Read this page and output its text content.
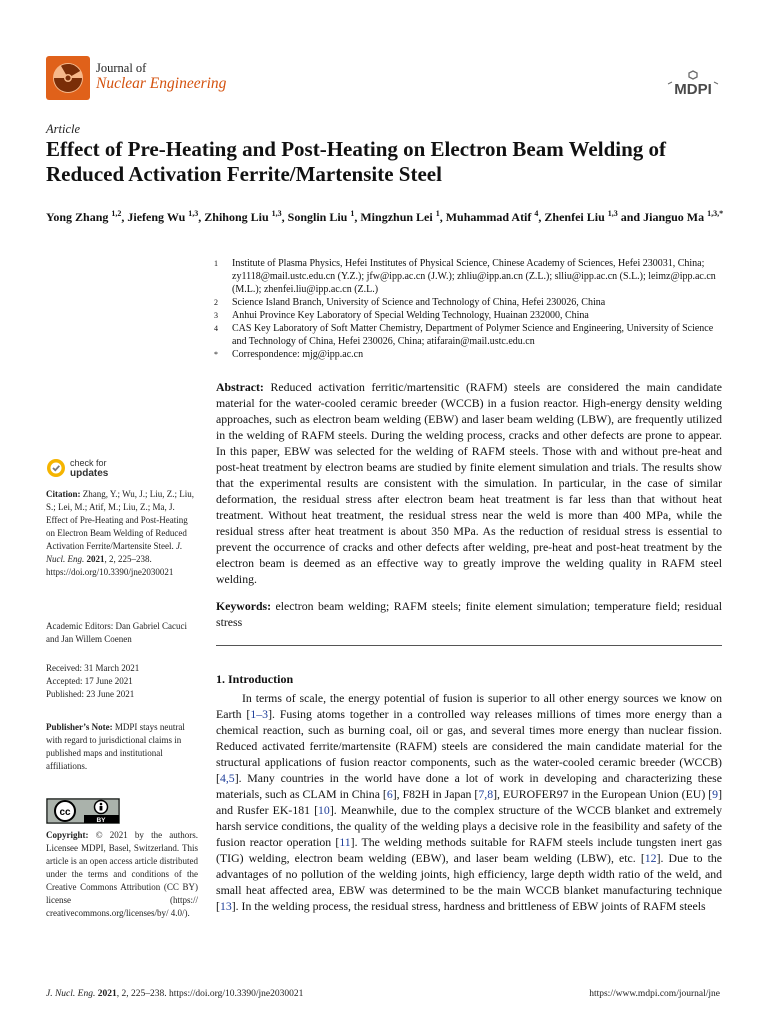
Journal of
Nuclear Engineering	MDPI
Article
Effect of Pre-Heating and Post-Heating on Electron Beam Welding of Reduced Activation Ferrite/Martensite Steel
Yong Zhang $^{1,2}$, Jiefeng Wu $^{1,3}$, Zhihong Liu $^{1,3}$, Songlin Liu $^1$, Mingzhun Lei $^1$, Muhammad Atif $^4$, Zhenfei Liu $^{1,3}$ and Jianguo Ma $^{1,3,*}$
1	Institute of Plasma Physics, Hefei Institutes of Physical Science, Chinese Academy of Sciences, Hefei 230031, China; zy1118@mail.ustc.edu.cn (Y.Z.); jfw@ipp.ac.cn (J.W.); zhliu@ipp.an.cn (Z.L.); slliu@ipp.ac.cn (S.L.); leimz@ipp.ac.cn (M.L.); zhenfei.liu@ipp.ac.cn (Z.L.)
2	Science Island Branch, University of Science and Technology of China, Hefei 230026, China
3	Anhui Province Key Laboratory of Special Welding Technology, Huainan 232000, China
4	CAS Key Laboratory of Soft Matter Chemistry, Department of Polymer Science and Engineering, University of Science and Technology of China, Hefei 230026, China; atifarain@mail.ustc.edu.cn
*	Correspondence: mjg@ipp.ac.cn
Abstract: Reduced activation ferritic/martensitic (RAFM) steels are considered the main candidate material for the water-cooled ceramic breeder (WCCB) in a fusion reactor. High-energy density welding approaches, such as electron beam welding (EBW) and laser beam welding (LBW), are frequently utilized in the welding of RAFM steels. During the welding process, cracks and other defects are prone to appear. In this paper, EBW was selected for the welding of RAFM steels. Those with and without pre-heat and post-heat treatment by electron beams are studied by finite element simulation and trials. The results show that the experimental results are consistent with the simulation. In particular, in the case of similar deformation, the residual stress after electron beam heat treatment is far less than that without heat treatment. Without heat treatment, the residual stress near the weld is more than 400 MPa, while the residual stress after heat treatment is about 350 MPa. As the reduction of residual stress is essential to prevent the occurrence of cracks and other defects after welding, pre-heat and post-heat treatment by the electron beam is deemed as an effective way to greatly improve the welding quality in RAFM steel welding.
Keywords: electron beam welding; RAFM steels; finite element simulation; temperature field; residual stress
1. Introduction
In terms of scale, the energy potential of fusion is superior to all other energy sources we know on Earth [1–3]. Fusing atoms together in a controlled way releases millions of times more energy than a chemical reaction, such as burning coal, oil or gas, and several times more energy than nuclear fission. Reduced activated ferrite/martensite (RAFM) steels are considered the main candidate material for the structural applications of fusion reactor components, such as the water-cooled ceramic breeder (WCCB) [4,5]. Many countries in the world have done a lot of work in developing and characterizing these materials, such as CLAM in China [6], F82H in Japan [7,8], EUROFER97 in the European Union (EU) [9] and Rusfer EK-181 [10]. Meanwhile, due to the complex structure of the WCCB blanket and extremely harsh service conditions, the quality of the welding plays a decisive role in the feasibility and safety of the fusion reactor operation [11]. The welding methods suitable for RAFM steels include tungsten inert gas (TIG) welding, electron beam welding (EBW), and laser beam welding (LBW), etc. [12]. Due to the advantages of no pollution of the welding joints, high efficiency, large depth width ratio of the weld, and small heat affected area, EBW was determined to be the main WCCB blanket manufacturing technique [13]. In the welding process, the residual stress, hardness and brittleness of EBW joints of RAFM steels
check for
updates
Citation: Zhang, Y.; Wu, J.; Liu, Z.; Liu, S.; Lei, M.; Atif, M.; Liu, Z.; Ma, J. Effect of Pre-Heating and Post-Heating on Electron Beam Welding of Reduced Activation Ferrite/Martensite Steel. J. Nucl. Eng. 2021, 2, 225–238. https://doi.org/10.3390/jne2030021
Academic Editors: Dan Gabriel Cacuci and Jan Willem Coenen
Received: 31 March 2021
Accepted: 17 June 2021
Published: 23 June 2021
Publisher’s Note: MDPI stays neutral with regard to jurisdictional claims in published maps and institutional affiliations.
cc
BY
Copyright: © 2021 by the authors. Licensee MDPI, Basel, Switzerland. This article is an open access article distributed under the terms and conditions of the Creative Commons Attribution (CC BY) license (https:// creativecommons.org/licenses/by/ 4.0/).
J. Nucl. Eng. 2021, 2, 225–238. https://doi.org/10.3390/jne2030021	https://www.mdpi.com/journal/jne
